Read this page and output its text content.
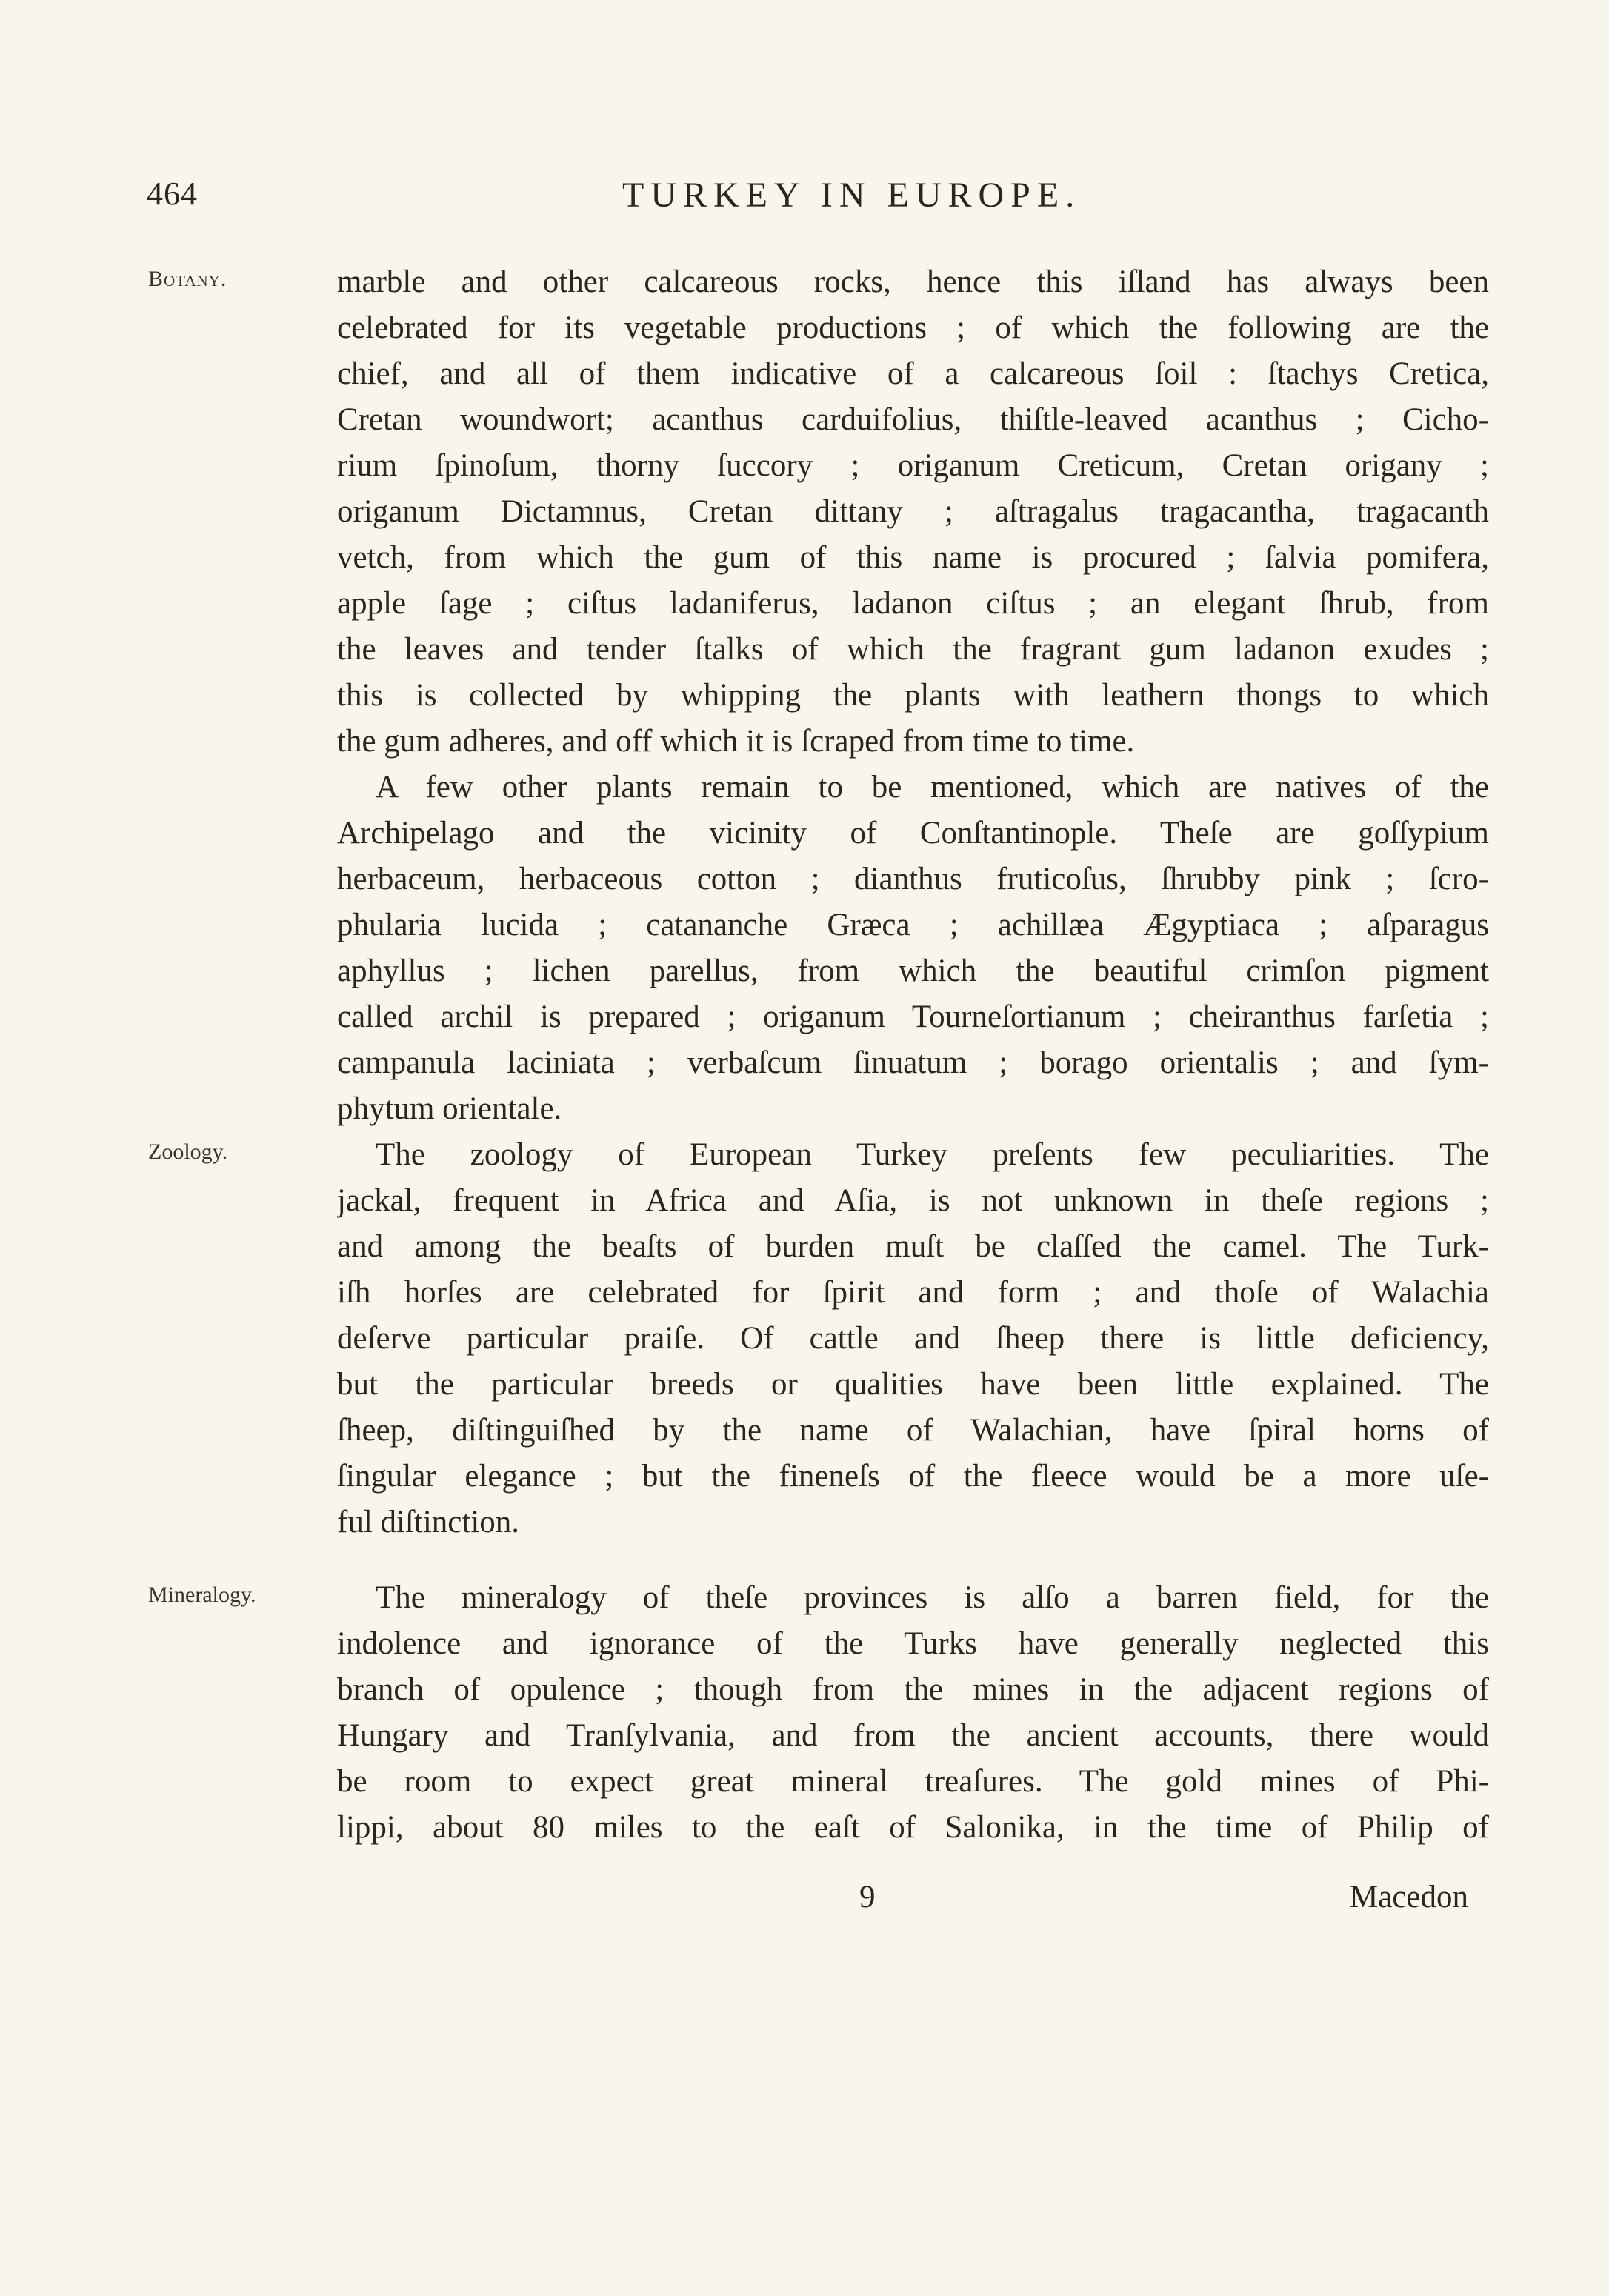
464	TURKEY IN EUROPE.
Botany.	marble and other calcareous rocks, hence this iſland has always been
celebrated for its vegetable productions ; of which the following are the
chief, and all of them indicative of a calcareous ſoil : ſtachys Cretica,
Cretan woundwort; acanthus carduifolius, thiſtle-leaved acanthus ; Cicho-
rium ſpinoſum, thorny ſuccory ; origanum Creticum, Cretan origany ;
origanum Dictamnus, Cretan dittany ; aſtragalus tragacantha, tragacanth
vetch, from which the gum of this name is procured ; ſalvia pomifera,
apple ſage ; ciſtus ladaniferus, ladanon ciſtus ; an elegant ſhrub, from
the leaves and tender ſtalks of which the fragrant gum ladanon exudes ;
this is collected by whipping the plants with leathern thongs to which
the gum adheres, and off which it is ſcraped from time to time.
A few other plants remain to be mentioned, which are natives of the
Archipelago and the vicinity of Conſtantinople. Theſe are goſſypium
herbaceum, herbaceous cotton ; dianthus fruticoſus, ſhrubby pink ; ſcro-
phularia lucida ; catananche Græca ; achillæa Ægyptiaca ; aſparagus
aphyllus ; lichen parellus, from which the beautiful crimſon pigment
called archil is prepared ; origanum Tourneſortianum ; cheiranthus farſetia ;
campanula laciniata ; verbaſcum ſinuatum ; borago orientalis ; and ſym-
phytum orientale.
Zoology.	The zoology of European Turkey preſents few peculiarities. The
jackal, frequent in Africa and Aſia, is not unknown in theſe regions ;
and among the beaſts of burden muſt be claſſed the camel. The Turk-
iſh horſes are celebrated for ſpirit and form ; and thoſe of Walachia
deſerve particular praiſe. Of cattle and ſheep there is little deficiency,
but the particular breeds or qualities have been little explained. The
ſheep, diſtinguiſhed by the name of Walachian, have ſpiral horns of
ſingular elegance ; but the fineneſs of the fleece would be a more uſe-
ful diſtinction.
Mineralogy.	The mineralogy of theſe provinces is alſo a barren field, for the
indolence and ignorance of the Turks have generally neglected this
branch of opulence ; though from the mines in the adjacent regions of
Hungary and Tranſylvania, and from the ancient accounts, there would
be room to expect great mineral treaſures. The gold mines of Phi-
lippi, about 80 miles to the eaſt of Salonika, in the time of Philip of
9	Macedon
